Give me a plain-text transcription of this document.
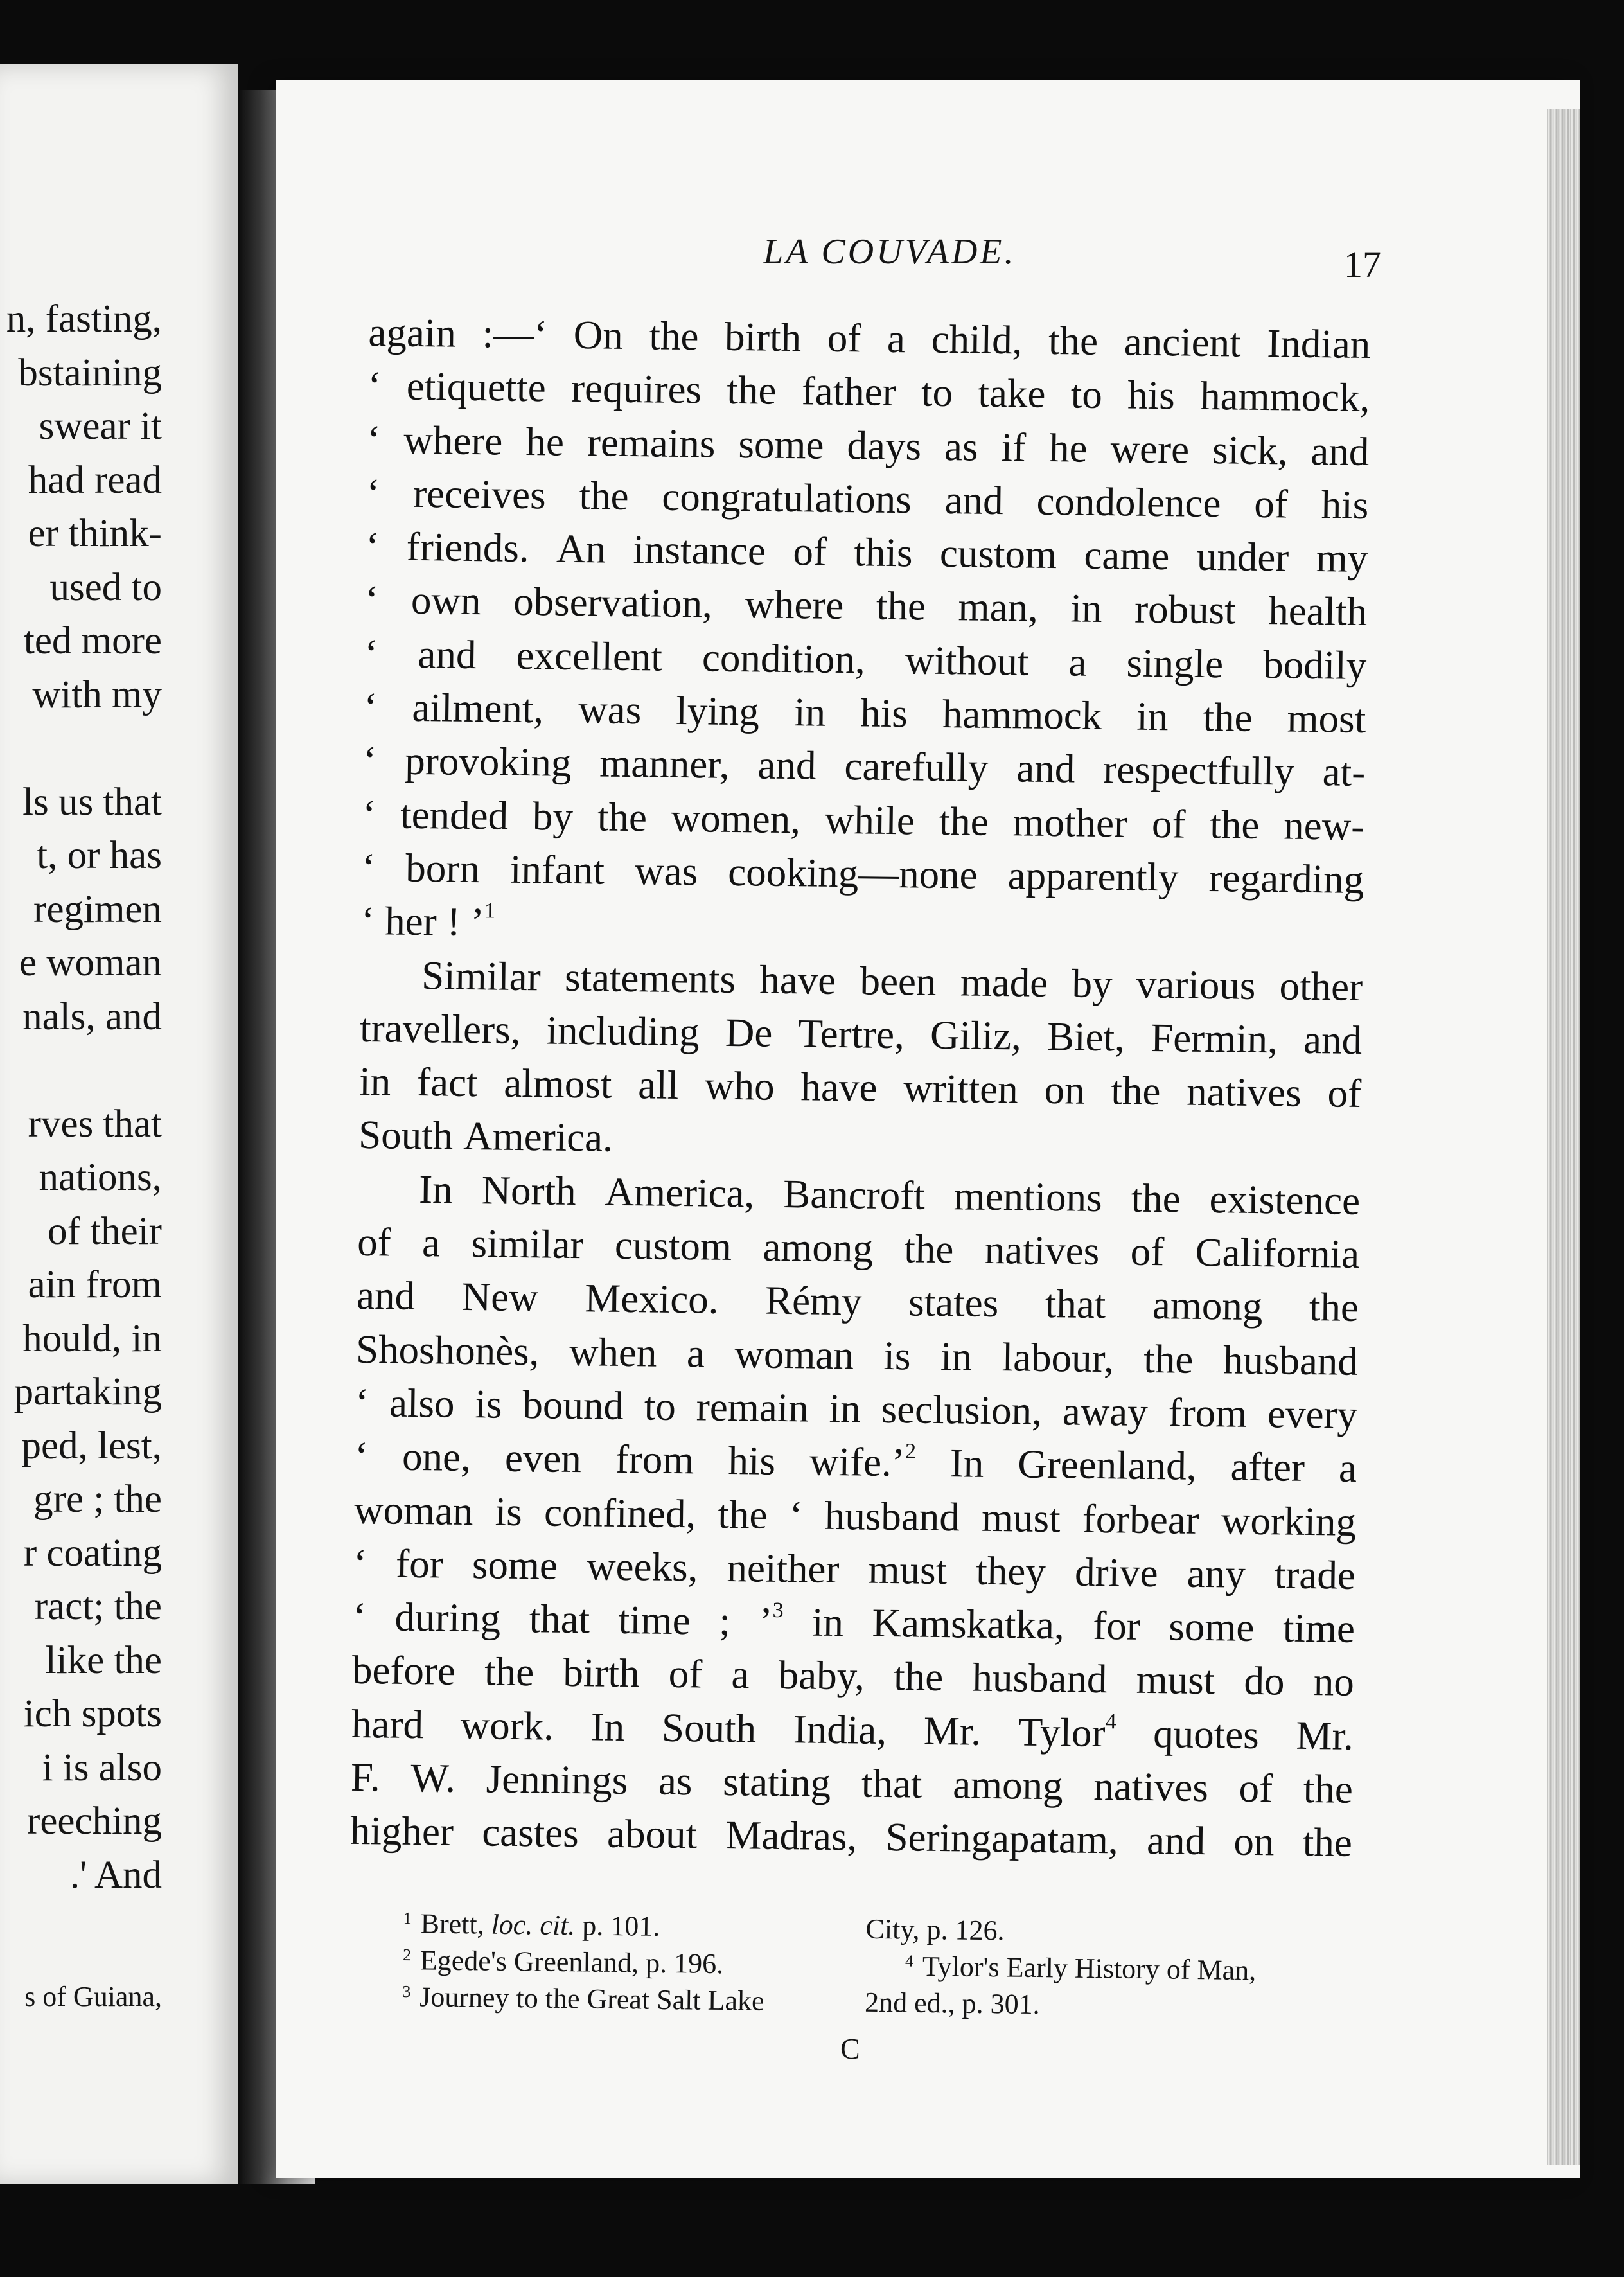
n, fasting,
bstaining
swear it
had read
er think-
used to
ted more
with my
ls us that
t, or has
regimen
e woman
nals, and
rves that
nations,
of their
ain from
hould, in
partaking
ped, lest,
gre ; the
r coating
ract; the
like the
ich spots
i is also
reeching
.' And
s of Guiana,
LA COUVADE.	17
again :—‘ On the birth of a child, the ancient Indian
‘ etiquette requires the father to take to his hammock,
‘ where he remains some days as if he were sick, and
‘ receives the congratulations and condolence of his
‘ friends. An instance of this custom came under my
‘ own observation, where the man, in robust health
‘ and excellent condition, without a single bodily
‘ ailment, was lying in his hammock in the most
‘ provoking manner, and carefully and respectfully at-
‘ tended by the women, while the mother of the new-
‘ born infant was cooking—none apparently regarding
‘ her ! ’$^1$
Similar statements have been made by various other
travellers, including De Tertre, Giliz, Biet, Fermin, and
in fact almost all who have written on the natives of
South America.
In North America, Bancroft mentions the existence
of a similar custom among the natives of California
and New Mexico. Rémy states that among the
Shoshonès, when a woman is in labour, the husband
‘ also is bound to remain in seclusion, away from every
‘ one, even from his wife.’$^2$ In Greenland, after a
woman is confined, the ‘ husband must forbear working
‘ for some weeks, neither must they drive any trade
‘ during that time ; ’$^3$ in Kamskatka, for some time
before the birth of a baby, the husband must do no
hard work. In South India, Mr. Tylor$^4$ quotes Mr.
F. W. Jennings as stating that among natives of the
higher castes about Madras, Seringapatam, and on the
$^1$ Brett, loc. cit. p. 101.
$^2$ Egede's Greenland, p. 196.
$^3$ Journey to the Great Salt Lake
City, p. 126.
$^4$ Tylor's Early History of Man,
2nd ed., p. 301.
C
